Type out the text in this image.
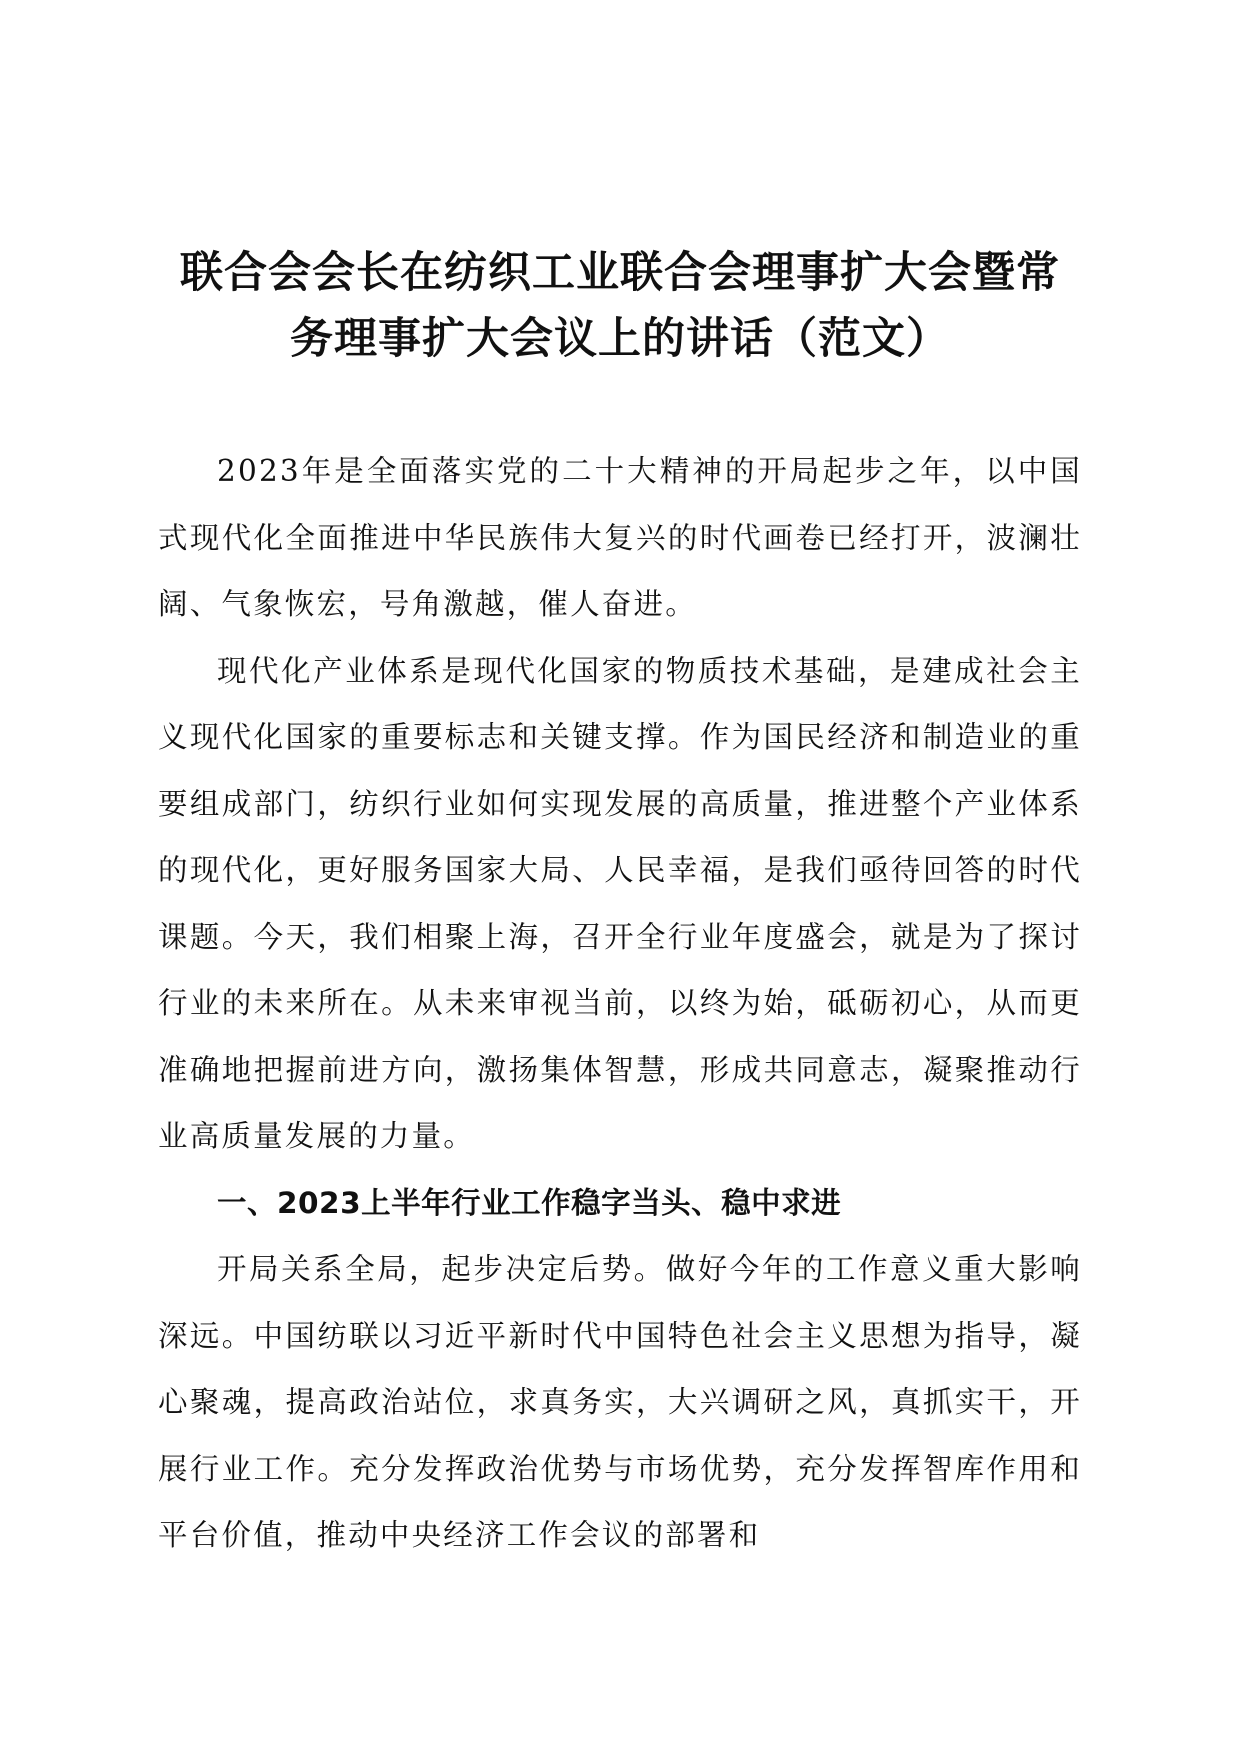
联合会会长在纺织工业联合会理事扩大会暨常
务理事扩大会议上的讲话（范文）

2023年是全面落实党的二十大精神的开局起步之年，以中国式现代化全面推进中华民族伟大复兴的时代画卷已经打开，波澜壮阔、气象恢宏，号角激越，催人奋进。

现代化产业体系是现代化国家的物质技术基础，是建成社会主义现代化国家的重要标志和关键支撑。作为国民经济和制造业的重要组成部门，纺织行业如何实现发展的高质量，推进整个产业体系的现代化，更好服务国家大局、人民幸福，是我们亟待回答的时代课题。今天，我们相聚上海，召开全行业年度盛会，就是为了探讨行业的未来所在。从未来审视当前，以终为始，砥砺初心，从而更准确地把握前进方向，激扬集体智慧，形成共同意志，凝聚推动行业高质量发展的力量。

一、2023上半年行业工作稳字当头、稳中求进

开局关系全局，起步决定后势。做好今年的工作意义重大影响深远。中国纺联以习近平新时代中国特色社会主义思想为指导，凝心聚魂，提高政治站位，求真务实，大兴调研之风，真抓实干，开展行业工作。充分发挥政治优势与市场优势，充分发挥智库作用和平台价值，推动中央经济工作会议的部署和
